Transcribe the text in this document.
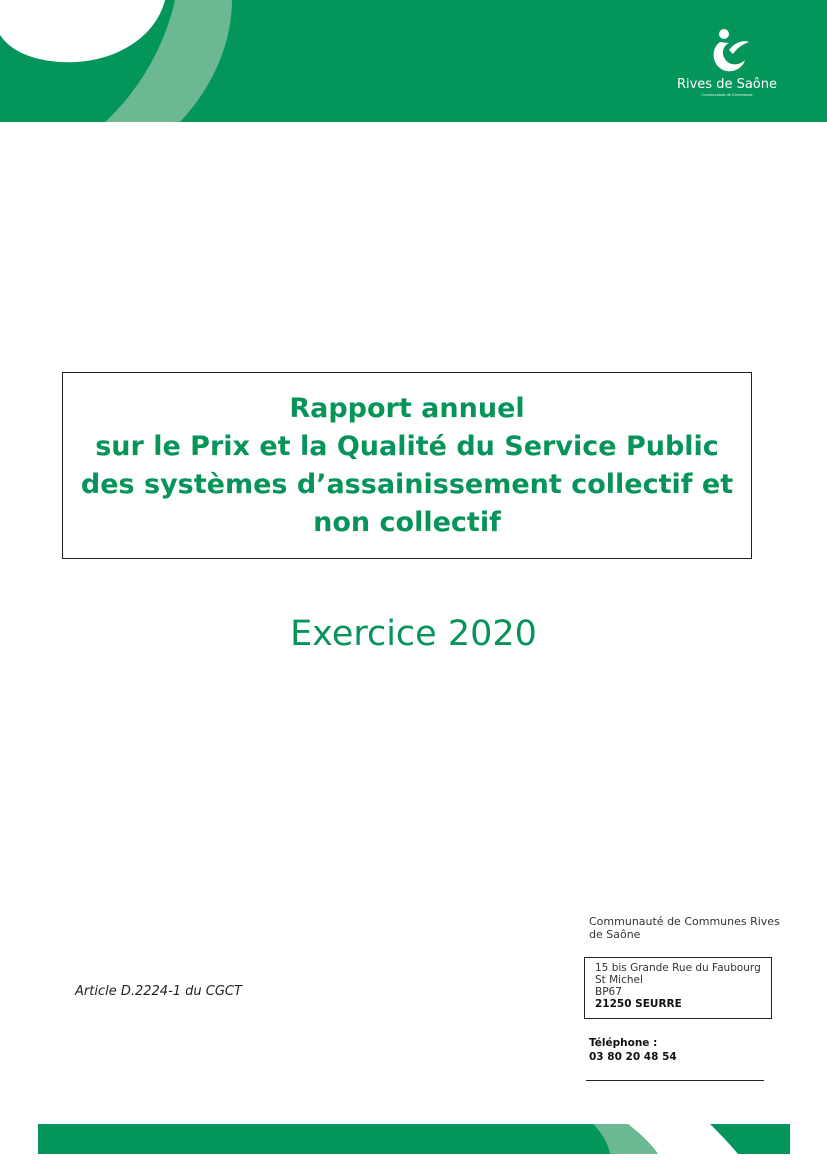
Rives de Saône
Communauté de Communes
Rapport annuel
sur le Prix et la Qualité du Service Public
des systèmes d’assainissement collectif et
non collectif
Exercice 2020
Article D.2224-1 du CGCT
Communauté de Communes Rives
de Saône
15 bis Grande Rue du Faubourg
St Michel
BP67
21250 SEURRE
Téléphone :
03 80 20 48 54
